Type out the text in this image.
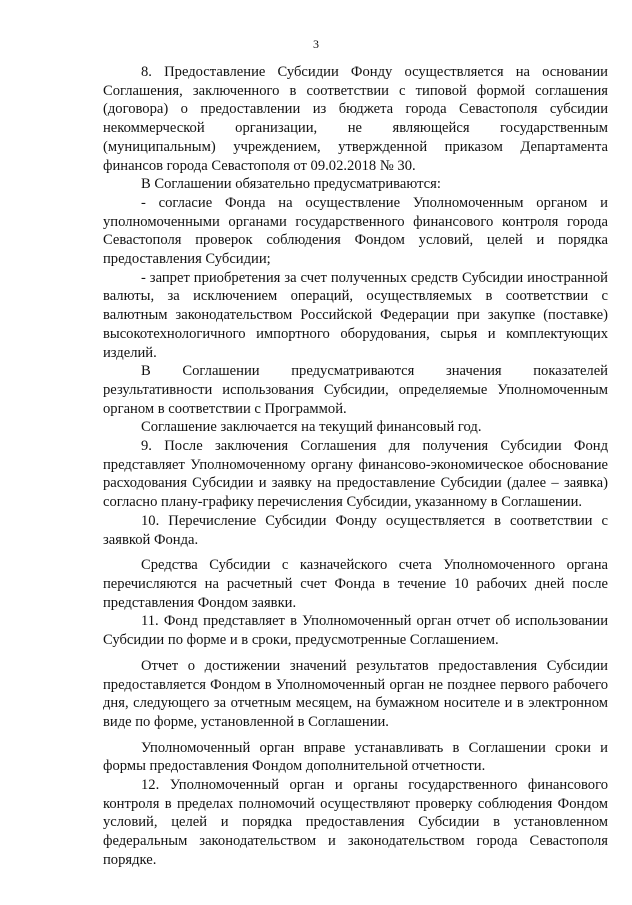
3

8. Предоставление Субсидии Фонду осуществляется на основании Соглашения, заключенного в соответствии с типовой формой соглашения (договора) о предоставлении из бюджета города Севастополя субсидии некоммерческой организации, не являющейся государственным (муниципальным) учреждением, утвержденной приказом Департамента финансов города Севастополя от 09.02.2018 № 30.

В Соглашении обязательно предусматриваются:

- согласие Фонда на осуществление Уполномоченным органом и уполномоченными органами государственного финансового контроля города Севастополя проверок соблюдения Фондом условий, целей и порядка предоставления Субсидии;

- запрет приобретения за счет полученных средств Субсидии иностранной валюты, за исключением операций, осуществляемых в соответствии с валютным законодательством Российской Федерации при закупке (поставке) высокотехнологичного импортного оборудования, сырья и комплектующих изделий.

В Соглашении предусматриваются значения показателей результативности использования Субсидии, определяемые Уполномоченным органом в соответствии с Программой.

Соглашение заключается на текущий финансовый год.

9. После заключения Соглашения для получения Субсидии Фонд представляет Уполномоченному органу финансово-экономическое обоснование расходования Субсидии и заявку на предоставление Субсидии (далее – заявка) согласно плану-графику перечисления Субсидии, указанному в Соглашении.

10. Перечисление Субсидии Фонду осуществляется в соответствии с заявкой Фонда.

Средства Субсидии с казначейского счета Уполномоченного органа перечисляются на расчетный счет Фонда в течение 10 рабочих дней после представления Фондом заявки.

11. Фонд представляет в Уполномоченный орган отчет об использовании Субсидии по форме и в сроки, предусмотренные Соглашением.

Отчет о достижении значений результатов предоставления Субсидии предоставляется Фондом в Уполномоченный орган не позднее первого рабочего дня, следующего за отчетным месяцем, на бумажном носителе и в электронном виде по форме, установленной в Соглашении.

Уполномоченный орган вправе устанавливать в Соглашении сроки и формы предоставления Фондом дополнительной отчетности.

12. Уполномоченный орган и органы государственного финансового контроля в пределах полномочий осуществляют проверку соблюдения Фондом условий, целей и порядка предоставления Субсидии в установленном федеральным законодательством и законодательством города Севастополя порядке.
